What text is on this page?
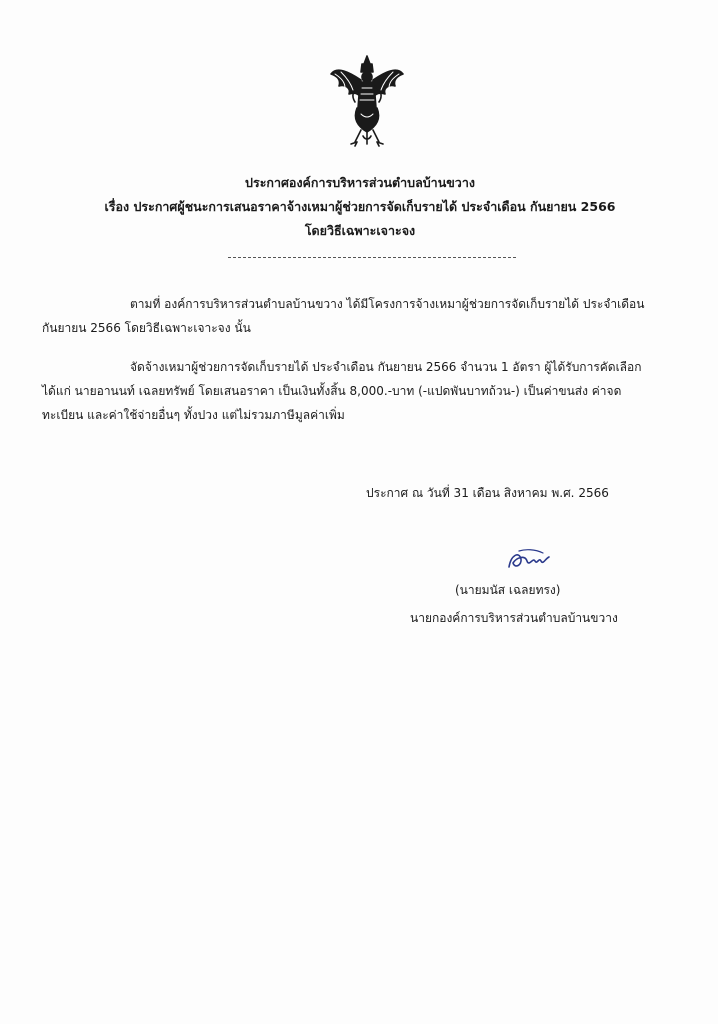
ประกาศองค์การบริหารส่วนตำบลบ้านขวาง
เรื่อง ประกาศผู้ชนะการเสนอราคาจ้างเหมาผู้ช่วยการจัดเก็บรายได้ ประจำเดือน กันยายน 2566
โดยวิธีเฉพาะเจาะจง
ตามที่ องค์การบริหารส่วนตำบลบ้านขวาง ได้มีโครงการจ้างเหมาผู้ช่วยการจัดเก็บรายได้ ประจำเดือน
กันยายน 2566 โดยวิธีเฉพาะเจาะจง นั้น
จัดจ้างเหมาผู้ช่วยการจัดเก็บรายได้ ประจำเดือน กันยายน 2566 จำนวน 1 อัตรา ผู้ได้รับการคัดเลือก
ได้แก่ นายอานนท์ เฉลยทรัพย์ โดยเสนอราคา เป็นเงินทั้งสิ้น 8,000.-บาท (-แปดพันบาทถ้วน-) เป็นค่าขนส่ง ค่าจด
ทะเบียน และค่าใช้จ่ายอื่นๆ ทั้งปวง แต่ไม่รวมภาษีมูลค่าเพิ่ม
ประกาศ ณ วันที่ 31 เดือน สิงหาคม พ.ศ. 2566
(นายมนัส เฉลยทรง)
นายกองค์การบริหารส่วนตำบลบ้านขวาง
